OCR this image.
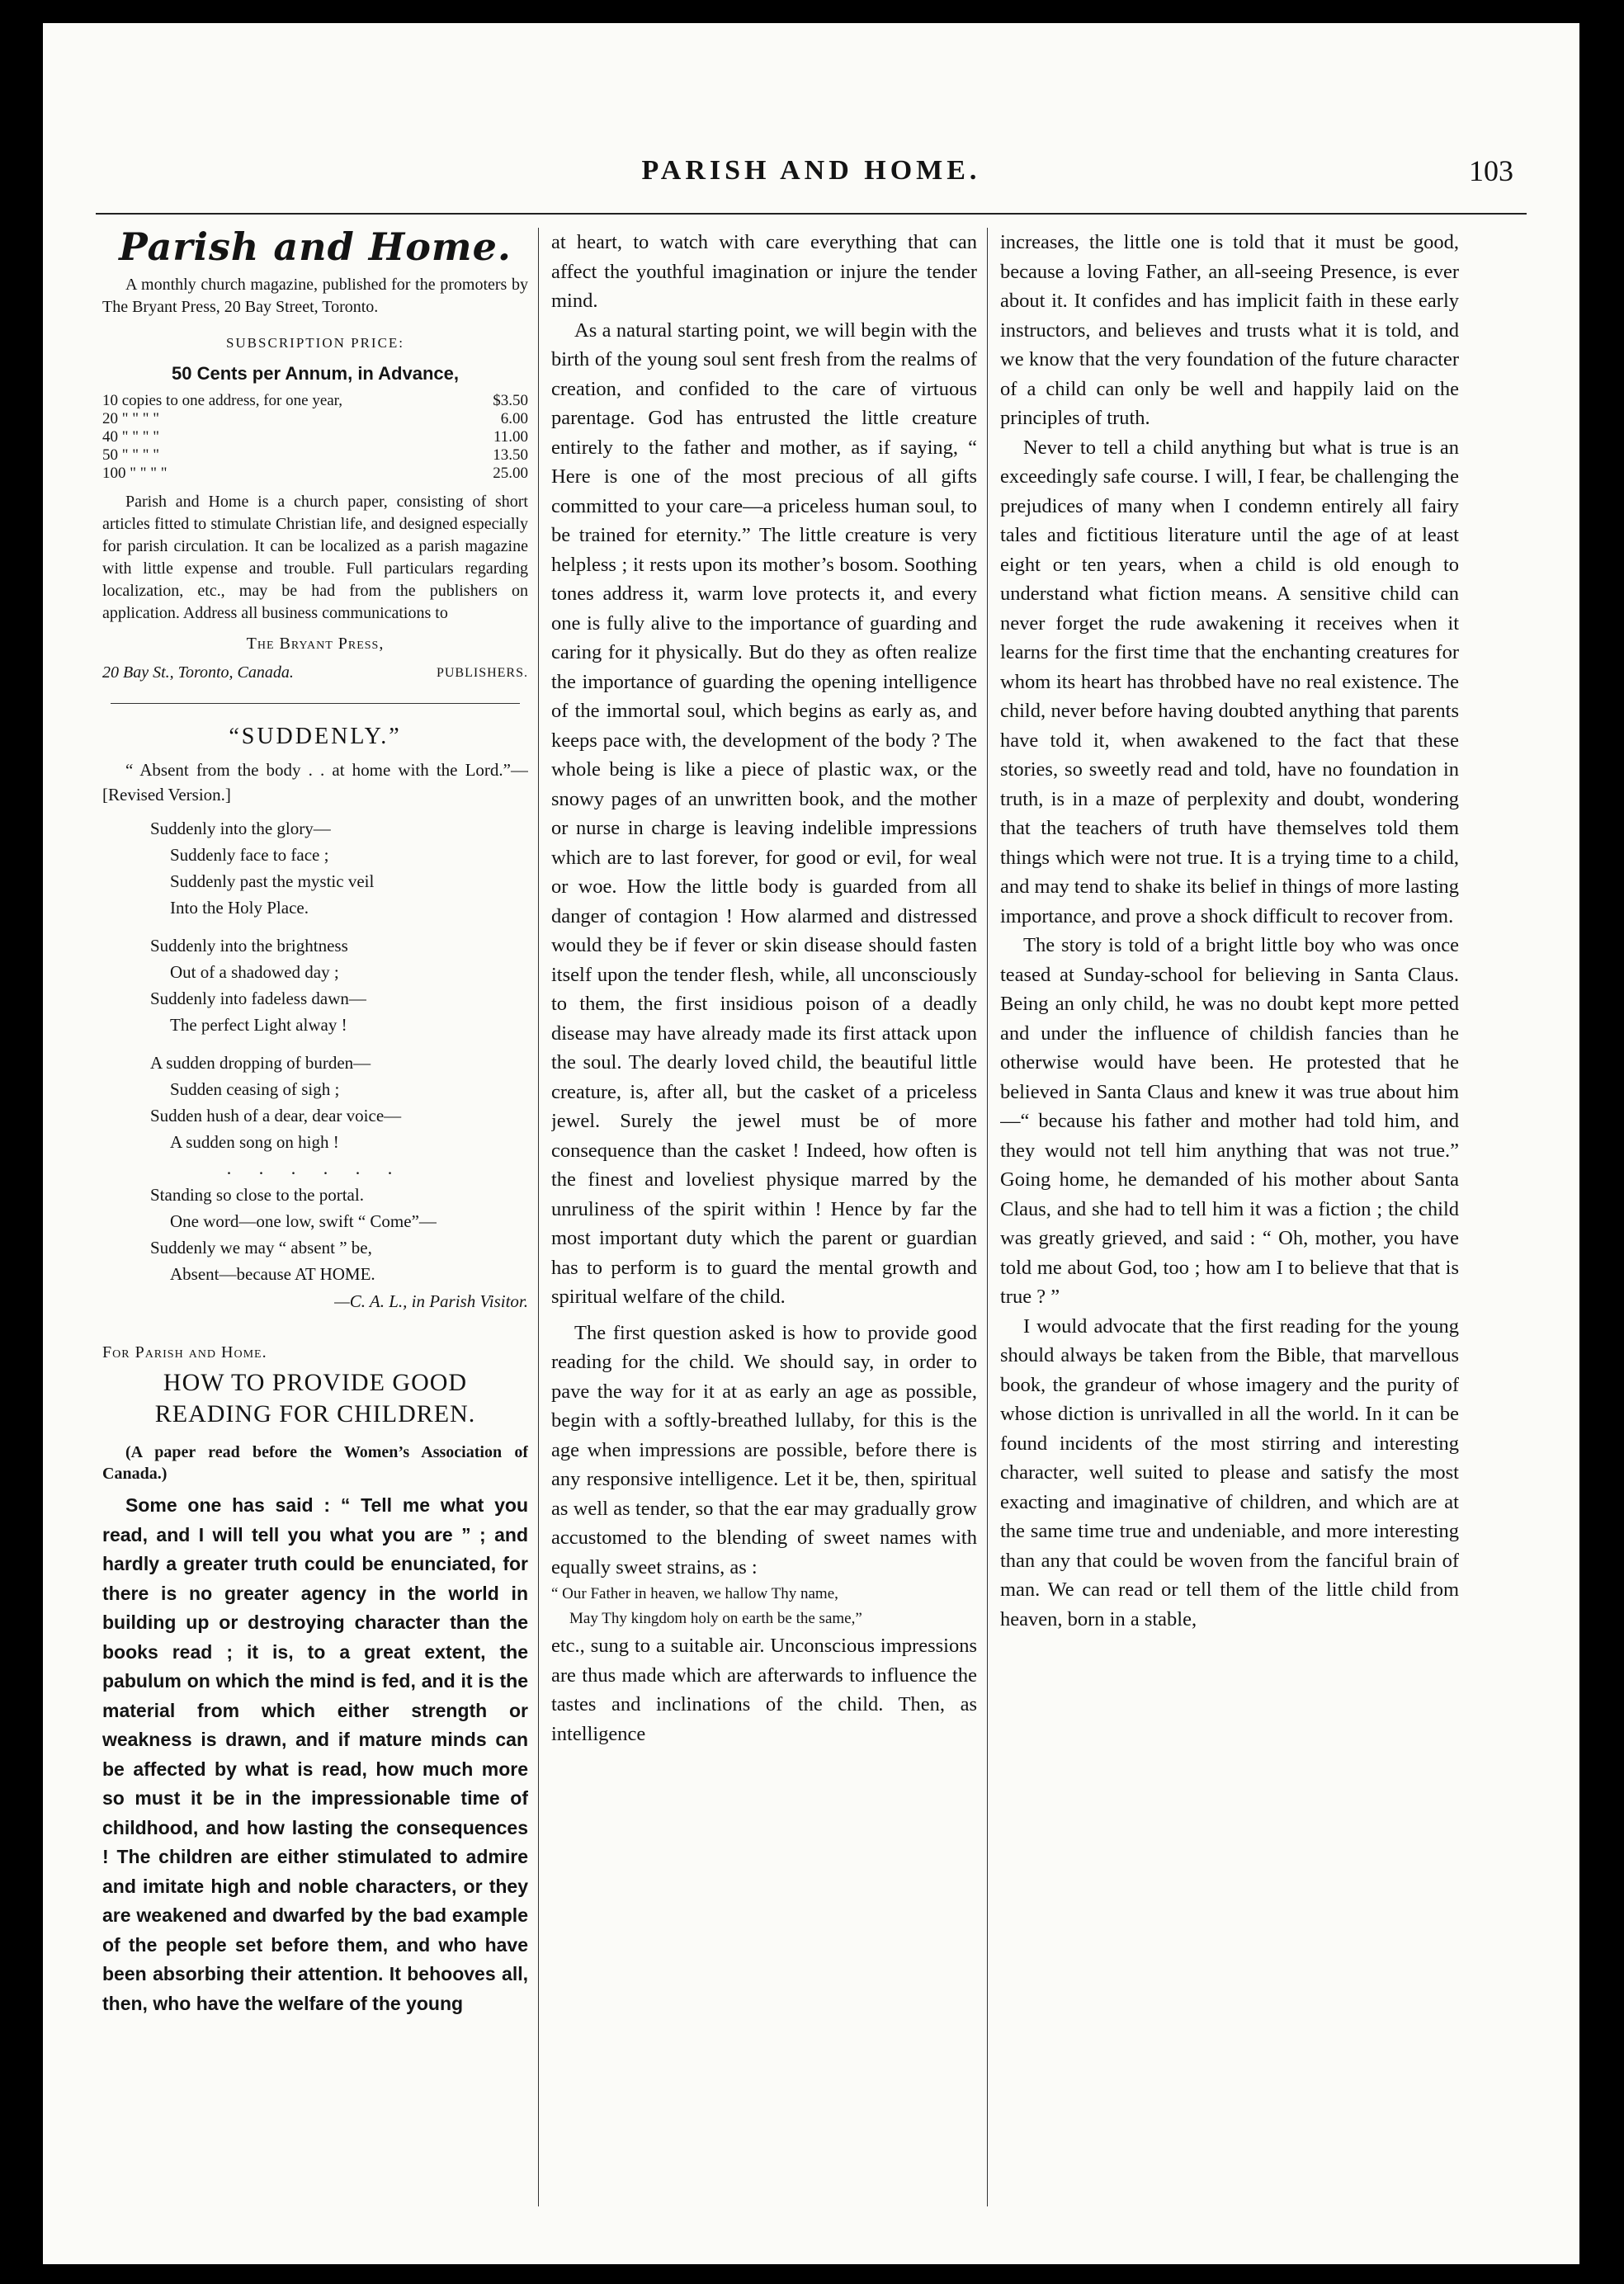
PARISH AND HOME.	103
Parish and Home.

A monthly church magazine, published for the promoters by The Bryant Press, 20 Bay Street, Toronto.

SUBSCRIPTION PRICE:
50 Cents per Annum, in Advance,
10 copies to one address, for one year,	$3.50
20 " " " "	6.00
40 " " " "	11.00
50 " " " "	13.50
100 " " " "	25.00

Parish and Home is a church paper, consisting of short articles fitted to stimulate Christian life, and designed especially for parish circulation. It can be localized as a parish magazine with little expense and trouble. Full particulars regarding localization, etc., may be had from the publishers on application. Address all business communications to

The Bryant Press,
20 Bay St., Toronto, Canada.	PUBLISHERS.
“SUDDENLY.”

“ Absent from the body . . at home with the Lord.”—[Revised Version.]

Suddenly into the glory—
Suddenly face to face ;
Suddenly past the mystic veil
Into the Holy Place.
Suddenly into the brightness
Out of a shadowed day ;
Suddenly into fadeless dawn—
The perfect Light alway !
A sudden dropping of burden—
Sudden ceasing of sigh ;
Sudden hush of a dear, dear voice—
A sudden song on high !
. . . . . .
Standing so close to the portal.
One word—one low, swift “ Come”—
Suddenly we may “ absent ” be,
Absent—because AT HOME.
—C. A. L., in Parish Visitor.
For Parish and Home.
HOW TO PROVIDE GOOD READING FOR CHILDREN.
(A paper read before the Women’s Association of Canada.)

Some one has said : “ Tell me what you read, and I will tell you what you are ” ; and hardly a greater truth could be enunciated, for there is no greater agency in the world in building up or destroying character than the books read ; it is, to a great extent, the pabulum on which the mind is fed, and it is the material from which either strength or weakness is drawn, and if mature minds can be affected by what is read, how much more so must it be in the impressionable time of childhood, and how lasting the consequences ! The children are either stimulated to admire and imitate high and noble characters, or they are weakened and dwarfed by the bad example of the people set before them, and who have been absorbing their attention. It behooves all, then, who have the welfare of the young

at heart, to watch with care everything that can affect the youthful imagination or injure the tender mind.

As a natural starting point, we will begin with the birth of the young soul sent fresh from the realms of creation, and confided to the care of virtuous parentage. God has entrusted the little creature entirely to the father and mother, as if saying, “ Here is one of the most precious of all gifts committed to your care—a priceless human soul, to be trained for eternity.” The little creature is very helpless ; it rests upon its mother’s bosom. Soothing tones address it, warm love protects it, and every one is fully alive to the importance of guarding and caring for it physically. But do they as often realize the importance of guarding the opening intelligence of the immortal soul, which begins as early as, and keeps pace with, the development of the body ? The whole being is like a piece of plastic wax, or the snowy pages of an unwritten book, and the mother or nurse in charge is leaving indelible impressions which are to last forever, for good or evil, for weal or woe. How the little body is guarded from all danger of contagion ! How alarmed and distressed would they be if fever or skin disease should fasten itself upon the tender flesh, while, all unconsciously to them, the first insidious poison of a deadly disease may have already made its first attack upon the soul. The dearly loved child, the beautiful little creature, is, after all, but the casket of a priceless jewel. Surely the jewel must be of more consequence than the casket ! Indeed, how often is the finest and loveliest physique marred by the unruliness of the spirit within ! Hence by far the most important duty which the parent or guardian has to perform is to guard the mental growth and spiritual welfare of the child.

The first question asked is how to provide good reading for the child. We should say, in order to pave the way for it at as early an age as possible, begin with a softly-breathed lullaby, for this is the age when impressions are possible, before there is any responsive intelligence. Let it be, then, spiritual as well as tender, so that the ear may gradually grow accustomed to the blending of sweet names with equally sweet strains, as :

“ Our Father in heaven, we hallow Thy name,
May Thy kingdom holy on earth be the same,”

etc., sung to a suitable air. Unconscious impressions are thus made which are afterwards to influence the tastes and inclinations of the child. Then, as intelligence

increases, the little one is told that it must be good, because a loving Father, an all-seeing Presence, is ever about it. It confides and has implicit faith in these early instructors, and believes and trusts what it is told, and we know that the very foundation of the future character of a child can only be well and happily laid on the principles of truth.

Never to tell a child anything but what is true is an exceedingly safe course. I will, I fear, be challenging the prejudices of many when I condemn entirely all fairy tales and fictitious literature until the age of at least eight or ten years, when a child is old enough to understand what fiction means. A sensitive child can never forget the rude awakening it receives when it learns for the first time that the enchanting creatures for whom its heart has throbbed have no real existence. The child, never before having doubted anything that parents have told it, when awakened to the fact that these stories, so sweetly read and told, have no foundation in truth, is in a maze of perplexity and doubt, wondering that the teachers of truth have themselves told them things which were not true. It is a trying time to a child, and may tend to shake its belief in things of more lasting importance, and prove a shock difficult to recover from.

The story is told of a bright little boy who was once teased at Sunday-school for believing in Santa Claus. Being an only child, he was no doubt kept more petted and under the influence of childish fancies than he otherwise would have been. He protested that he believed in Santa Claus and knew it was true about him—“ because his father and mother had told him, and they would not tell him anything that was not true.” Going home, he demanded of his mother about Santa Claus, and she had to tell him it was a fiction ; the child was greatly grieved, and said : “ Oh, mother, you have told me about God, too ; how am I to believe that that is true ? ”

I would advocate that the first reading for the young should always be taken from the Bible, that marvellous book, the grandeur of whose imagery and the purity of whose diction is unrivalled in all the world. In it can be found incidents of the most stirring and interesting character, well suited to please and satisfy the most exacting and imaginative of children, and which are at the same time true and undeniable, and more interesting than any that could be woven from the fanciful brain of man. We can read or tell them of the little child from heaven, born in a stable,
